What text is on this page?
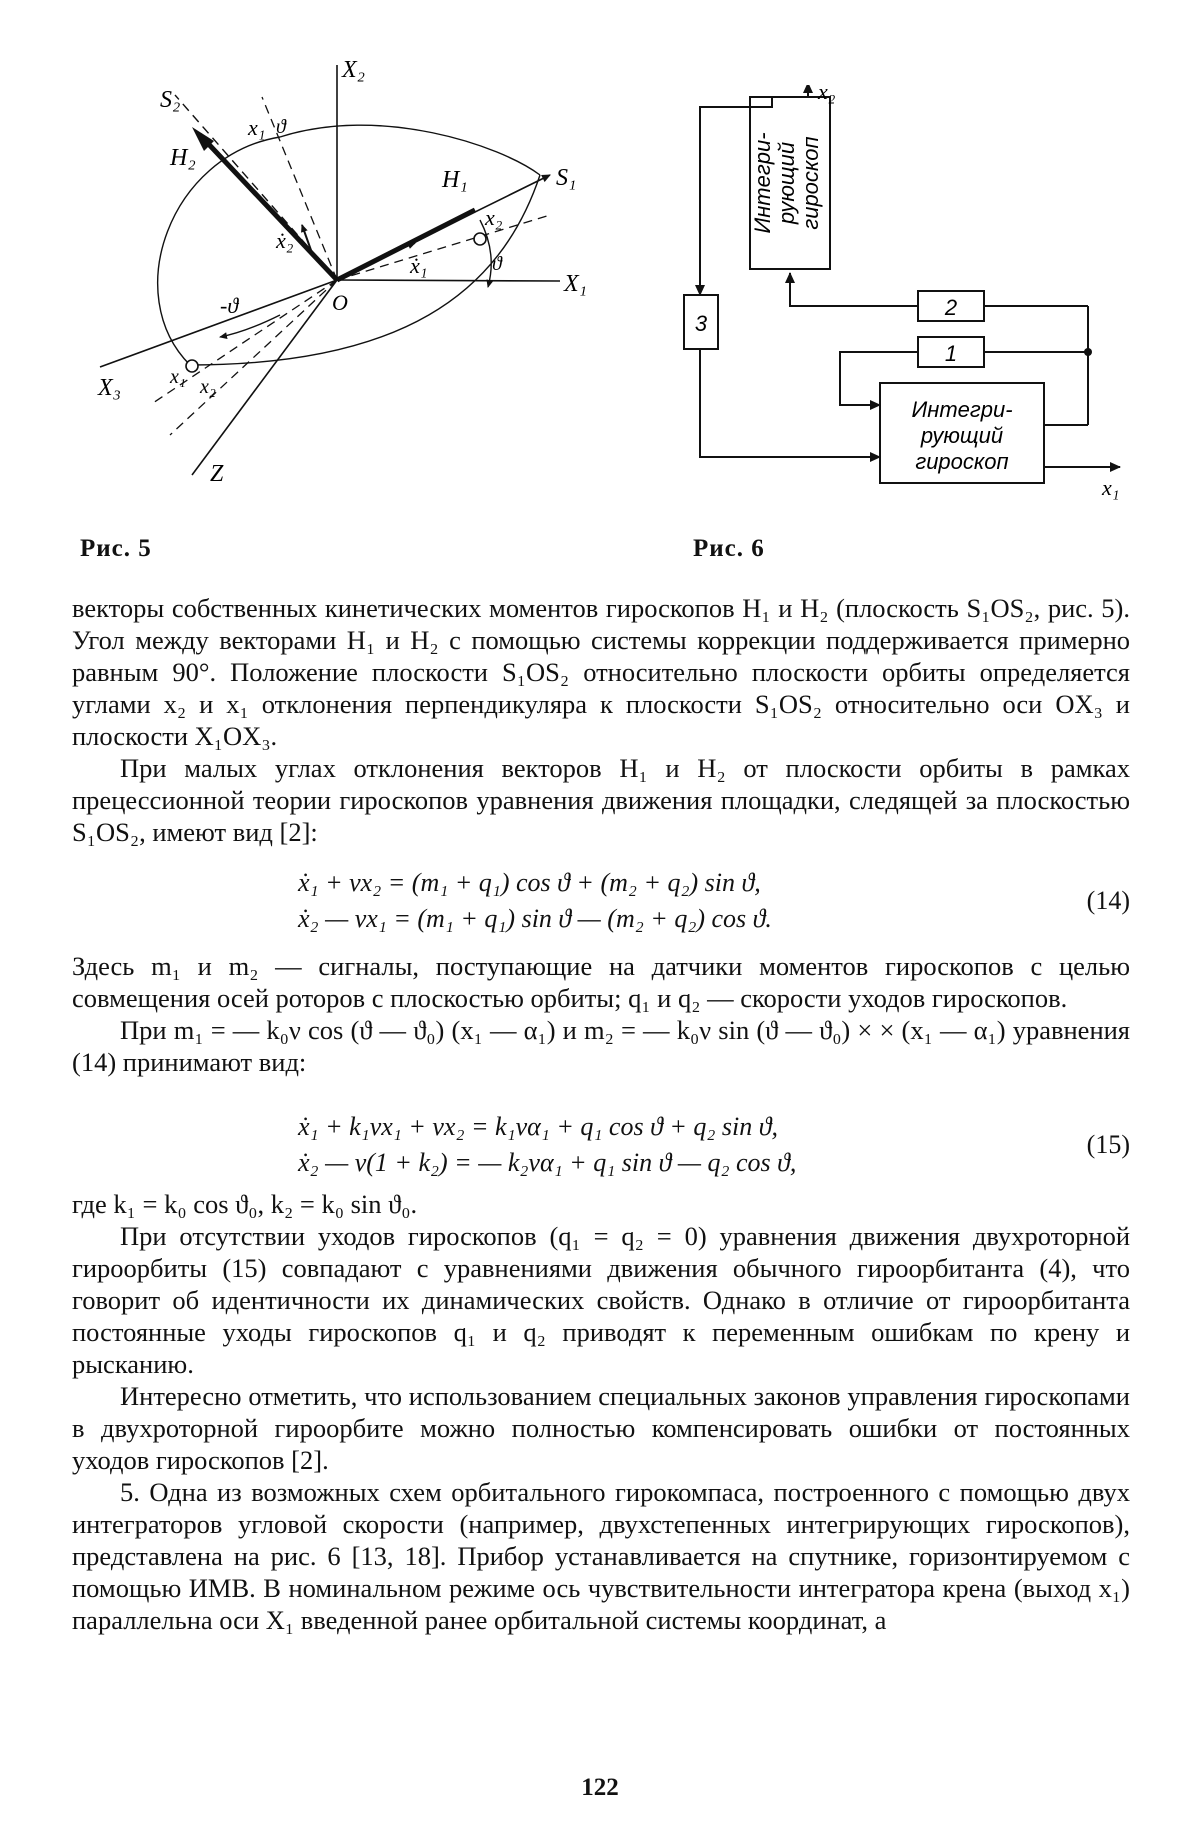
X₂
S₂
x₁ ϑ
H₂
H₁	S₁
x₂
ẋ₂
ϑ
ẋ₁
X₁
-ϑ	O
X₃ x₁ x₂
Z
Рис. 5
Интегри- рующий гироскоп
x₂
3
2
1
Интегри-
рующий
гироскоп
x₁
Рис. 6

векторы собственных кинетических моментов гироскопов H₁ и H₂ (плоскость S₁OS₂, рис. 5). Угол между векторами H₁ и H₂ с помощью системы коррекции поддерживается примерно равным 90°. Положение плоскости S₁OS₂ относительно плоскости орбиты определяется углами x₂ и x₁ отклонения перпендикуляра к плоскости S₁OS₂ относительно оси OX₃ и плоскости X₁OX₃.

При малых углах отклонения векторов H₁ и H₂ от плоскости орбиты в рамках прецессионной теории гироскопов уравнения движения площадки, следящей за плоскостью S₁OS₂, имеют вид [2]:

ẋ₁ + νx₂ = (m₁ + q₁) cos ϑ + (m₂ + q₂) sin ϑ,
ẋ₂ — νx₁ = (m₁ + q₁) sin ϑ — (m₂ + q₂) cos ϑ.
(14)

Здесь m₁ и m₂ — сигналы, поступающие на датчики моментов гироскопов с целью совмещения осей роторов с плоскостью орбиты; q₁ и q₂ — скорости уходов гироскопов.

При m₁ = — k₀ν cos (ϑ — ϑ₀) (x₁ — α₁) и m₂ = — k₀ν sin (ϑ — ϑ₀) × × (x₁ — α₁) уравнения (14) принимают вид:

ẋ₁ + k₁νx₁ + νx₂ = k₁να₁ + q₁ cos ϑ + q₂ sin ϑ,
ẋ₂ — ν(1 + k₂) = — k₂να₁ + q₁ sin ϑ — q₂ cos ϑ,
(15)

где k₁ = k₀ cos ϑ₀, k₂ = k₀ sin ϑ₀.

При отсутствии уходов гироскопов (q₁ = q₂ = 0) уравнения движения двухроторной гироорбиты (15) совпадают с уравнениями движения обычного гироорбитанта (4), что говорит об идентичности их динамических свойств. Однако в отличие от гироорбитанта постоянные уходы гироскопов q₁ и q₂ приводят к переменным ошибкам по крену и рысканию.

Интересно отметить, что использованием специальных законов управления гироскопами в двухроторной гироорбите можно полностью компенсировать ошибки от постоянных уходов гироскопов [2].

5. Одна из возможных схем орбитального гирокомпаса, построенного с помощью двух интеграторов угловой скорости (например, двухстепенных интегрирующих гироскопов), представлена на рис. 6 [13, 18]. Прибор устанавливается на спутнике, горизонтируемом с помощью ИМВ. В номинальном режиме ось чувствительности интегратора крена (выход x₁) параллельна оси X₁ введенной ранее орбитальной системы координат, а

122
